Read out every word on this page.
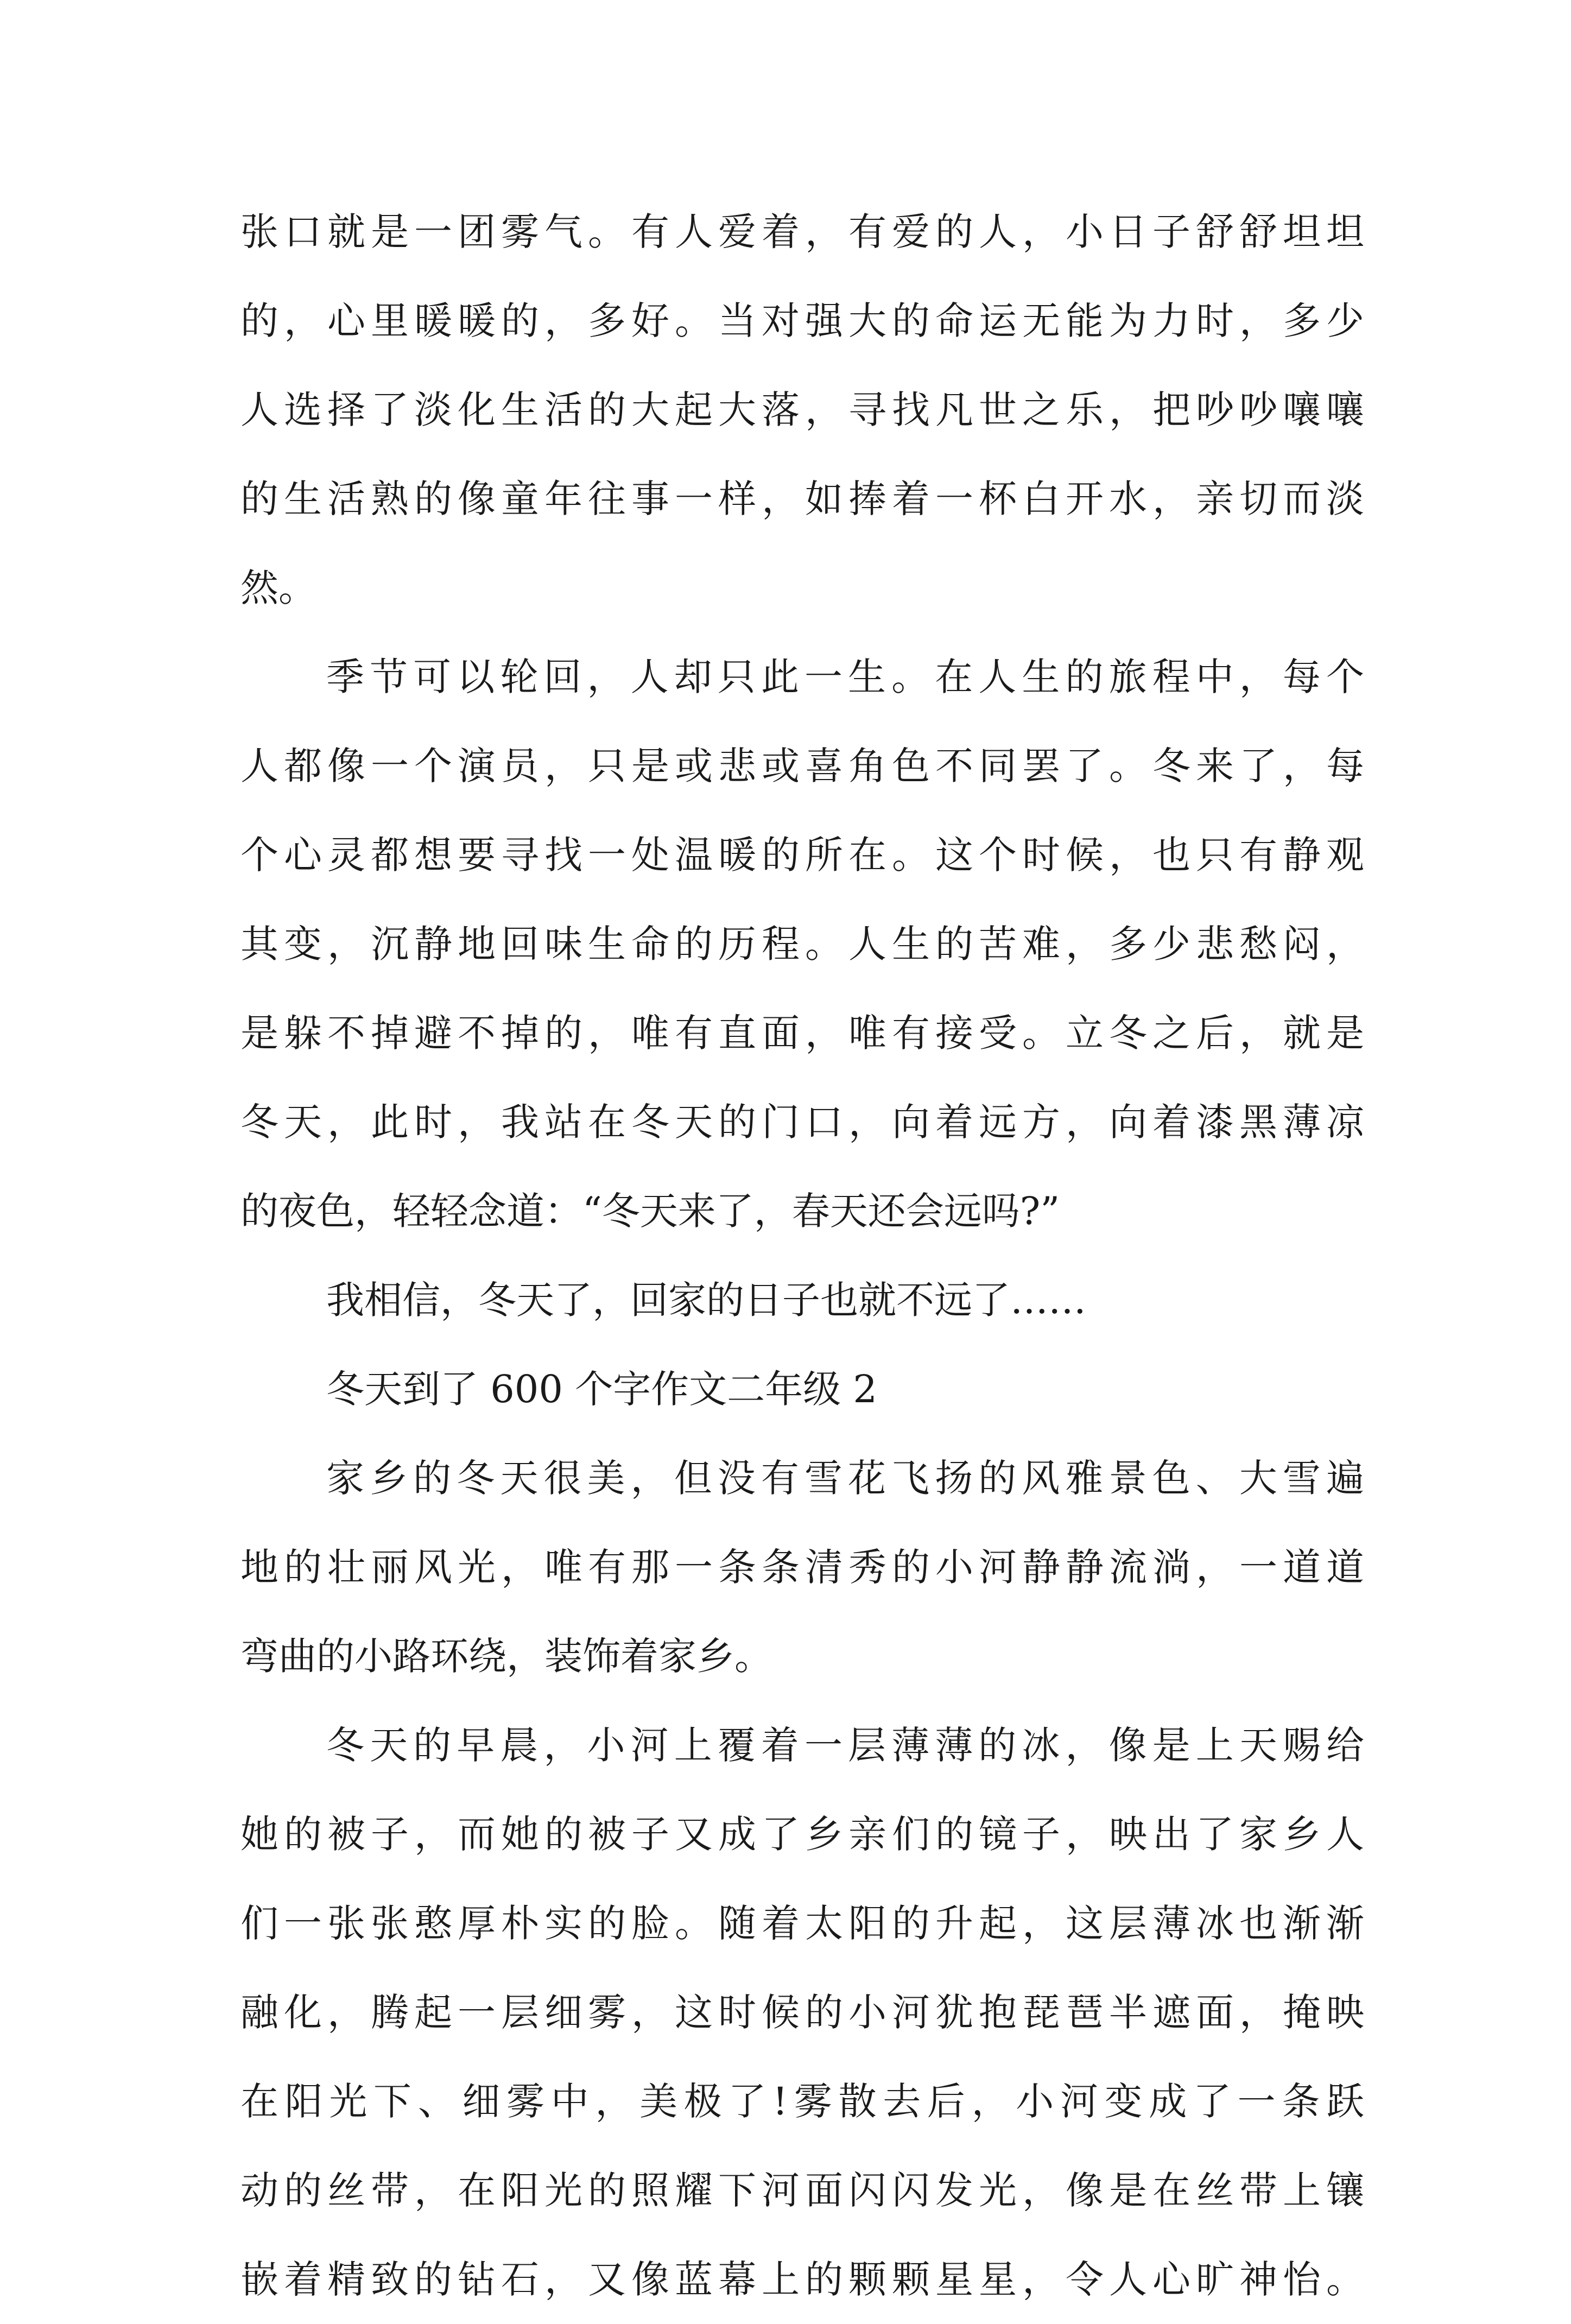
张口就是一团雾气。有人爱着，有爱的人，小日子舒舒坦坦
的，心里暖暖的，多好。当对强大的命运无能为力时，多少
人选择了淡化生活的大起大落，寻找凡世之乐，把吵吵嚷嚷
的生活熟的像童年往事一样，如捧着一杯白开水，亲切而淡
然。
季节可以轮回，人却只此一生。在人生的旅程中，每个
人都像一个演员，只是或悲或喜角色不同罢了。冬来了，每
个心灵都想要寻找一处温暖的所在。这个时候，也只有静观
其变，沉静地回味生命的历程。人生的苦难，多少悲愁闷，
是躲不掉避不掉的，唯有直面，唯有接受。立冬之后，就是
冬天，此时，我站在冬天的门口，向着远方，向着漆黑薄凉
的夜色，轻轻念道：“冬天来了，春天还会远吗?”
我相信，冬天了，回家的日子也就不远了……
冬天到了 600 个字作文二年级 2
家乡的冬天很美，但没有雪花飞扬的风雅景色、大雪遍
地的壮丽风光，唯有那一条条清秀的小河静静流淌，一道道
弯曲的小路环绕，装饰着家乡。
冬天的早晨，小河上覆着一层薄薄的冰，像是上天赐给
她的被子，而她的被子又成了乡亲们的镜子，映出了家乡人
们一张张憨厚朴实的脸。随着太阳的升起，这层薄冰也渐渐
融化，腾起一层细雾，这时候的小河犹抱琵琶半遮面，掩映
在阳光下、细雾中，美极了!雾散去后，小河变成了一条跃
动的丝带，在阳光的照耀下河面闪闪发光，像是在丝带上镶
嵌着精致的钻石，又像蓝幕上的颗颗星星，令人心旷神怡。
